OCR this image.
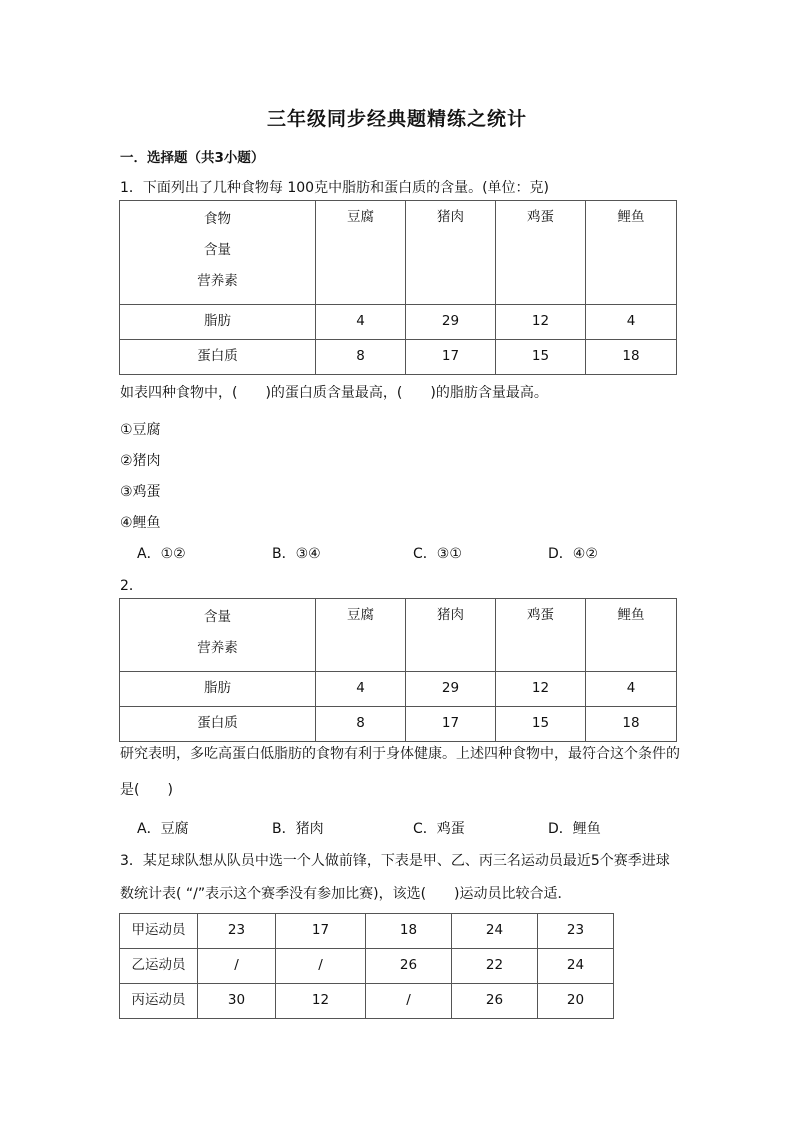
三年级同步经典题精练之统计
一．选择题（共3小题）
1．下面列出了几种食物每 100克中脂肪和蛋白质的含量。(单位：克)
食物
含量
营养素	豆腐	猪肉	鸡蛋	鲤鱼
脂肪	4	29	12	4
蛋白质	8	17	15	18
如表四种食物中，(　　)的蛋白质含量最高，(　　)的脂肪含量最高。
①豆腐
②猪肉
③鸡蛋
④鲤鱼
A．①②	B．③④	C．③①	D．④②
2．
含量
营养素	豆腐	猪肉	鸡蛋	鲤鱼
脂肪	4	29	12	4
蛋白质	8	17	15	18
研究表明，多吃高蛋白低脂肪的食物有利于身体健康。上述四种食物中，最符合这个条件的
是(　　)
A．豆腐	B．猪肉	C．鸡蛋	D．鲤鱼
3．某足球队想从队员中选一个人做前锋，下表是甲、乙、丙三名运动员最近5个赛季进球
数统计表( “/”表示这个赛季没有参加比赛)，该选(　　)运动员比较合适．
甲运动员	23	17	18	24	23
乙运动员	/	/	26	22	24
丙运动员	30	12	/	26	20
